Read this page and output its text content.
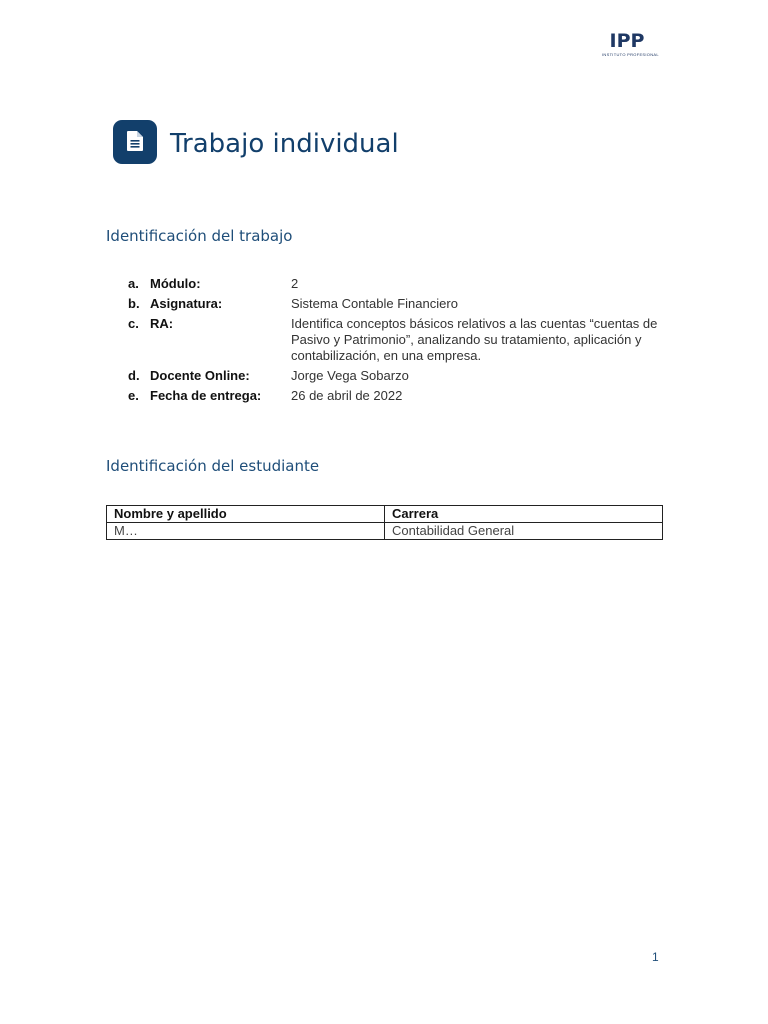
IPP
INSTITUTO PROFESIONAL
Trabajo individual
Identificación del trabajo
a. Módulo:	2
b. Asignatura:	Sistema Contable Financiero
c. RA:	Identifica conceptos básicos relativos a las cuentas “cuentas de Pasivo y Patrimonio”, analizando su tratamiento, aplicación y contabilización, en una empresa.
d. Docente Online:	Jorge Vega Sobarzo
e. Fecha de entrega:	26 de abril de 2022
Identificación del estudiante
Nombre y apellido	Carrera
M…	Contabilidad General
1
